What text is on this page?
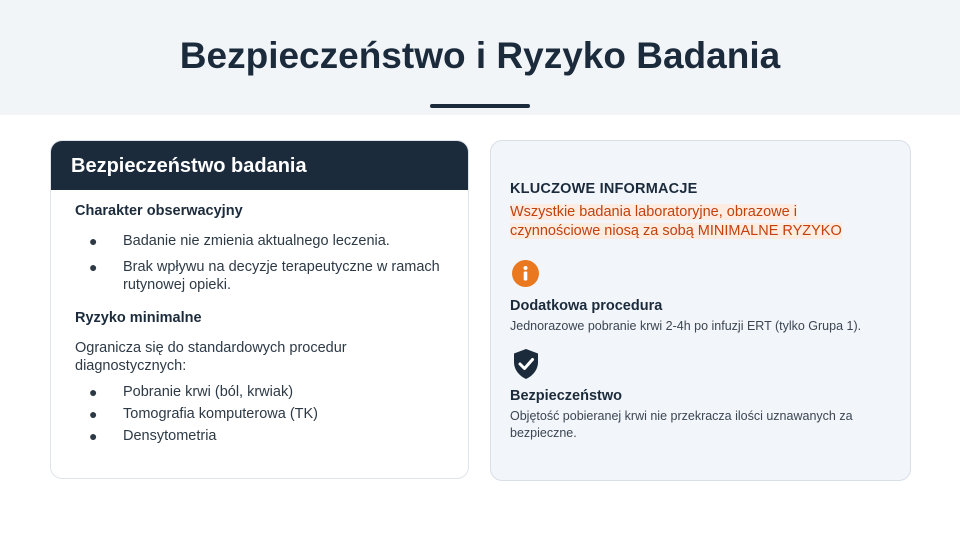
Bezpieczeństwo i Ryzyko Badania
Bezpieczeństwo badania
Charakter obserwacyjny
● Badanie nie zmienia aktualnego leczenia.
● Brak wpływu na decyzje terapeutyczne w ramach rutynowej opieki.
Ryzyko minimalne
Ogranicza się do standardowych procedur diagnostycznych:
● Pobranie krwi (ból, krwiak)
● Tomografia komputerowa (TK)
● Densytometria
KLUCZOWE INFORMACJE
Wszystkie badania laboratoryjne, obrazowe i
czynnościowe niosą za sobą MINIMALNE RYZYKO
Dodatkowa procedura
Jednorazowe pobranie krwi 2-4h po infuzji ERT (tylko Grupa 1).
Bezpieczeństwo
Objętość pobieranej krwi nie przekracza ilości uznawanych za bezpieczne.
